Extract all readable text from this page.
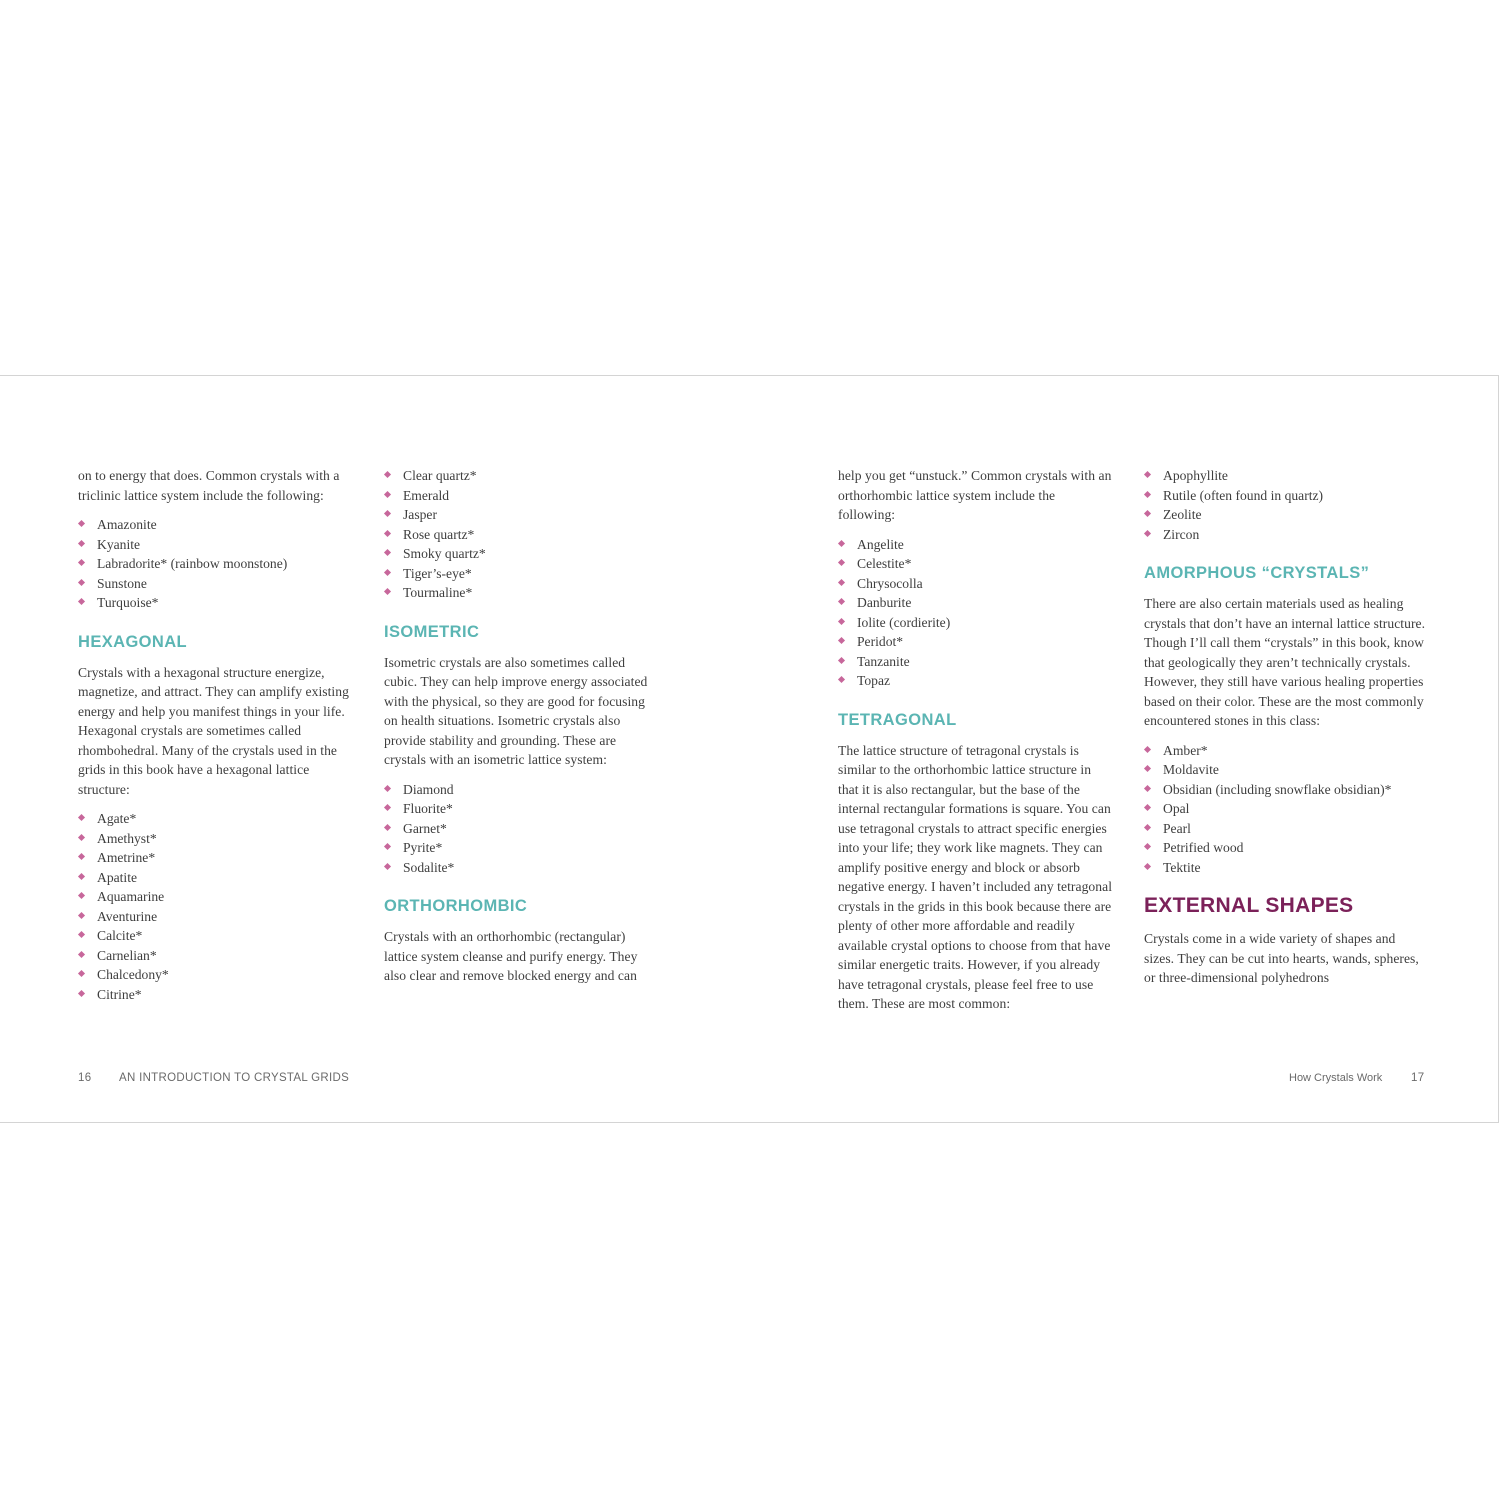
on to energy that does. Common crystals with a triclinic lattice system include the following:

Amazonite
Kyanite
Labradorite* (rainbow moonstone)
Sunstone
Turquoise*
HEXAGONAL

Crystals with a hexagonal structure energize, magnetize, and attract. They can amplify existing energy and help you manifest things in your life. Hexagonal crystals are sometimes called rhombohedral. Many of the crystals used in the grids in this book have a hexagonal lattice structure:

Agate*
Amethyst*
Ametrine*
Apatite
Aquamarine
Aventurine
Calcite*
Carnelian*
Chalcedony*
Citrine*
Clear quartz*
Emerald
Jasper
Rose quartz*
Smoky quartz*
Tiger’s-eye*
Tourmaline*
ISOMETRIC

Isometric crystals are also sometimes called cubic. They can help improve energy associated with the physical, so they are good for focusing on health situations. Isometric crystals also provide stability and grounding. These are crystals with an isometric lattice system:

Diamond
Fluorite*
Garnet*
Pyrite*
Sodalite*
ORTHORHOMBIC

Crystals with an orthorhombic (rectangular) lattice system cleanse and purify energy. They also clear and remove blocked energy and can

help you get “unstuck.” Common crystals with an orthorhombic lattice system include the following:

Angelite
Celestite*
Chrysocolla
Danburite
Iolite (cordierite)
Peridot*
Tanzanite
Topaz
TETRAGONAL

The lattice structure of tetragonal crystals is similar to the orthorhombic lattice structure in that it is also rectangular, but the base of the internal rectangular formations is square. You can use tetragonal crystals to attract specific energies into your life; they work like magnets. They can amplify positive energy and block or absorb negative energy. I haven’t included any tetragonal crystals in the grids in this book because there are plenty of other more affordable and readily available crystal options to choose from that have similar energetic traits. However, if you already have tetragonal crystals, please feel free to use them. These are most common:

Apophyllite
Rutile (often found in quartz)
Zeolite
Zircon
AMORPHOUS “CRYSTALS”

There are also certain materials used as healing crystals that don’t have an internal lattice structure. Though I’ll call them “crystals” in this book, know that geologically they aren’t technically crystals. However, they still have various healing properties based on their color. These are the most commonly encountered stones in this class:

Amber*
Moldavite
Obsidian (including snowflake obsidian)*
Opal
Pearl
Petrified wood
Tektite
EXTERNAL SHAPES

Crystals come in a wide variety of shapes and sizes. They can be cut into hearts, wands, spheres, or three-dimensional polyhedrons

16 AN INTRODUCTION TO CRYSTAL GRIDS	How Crystals Work 17
